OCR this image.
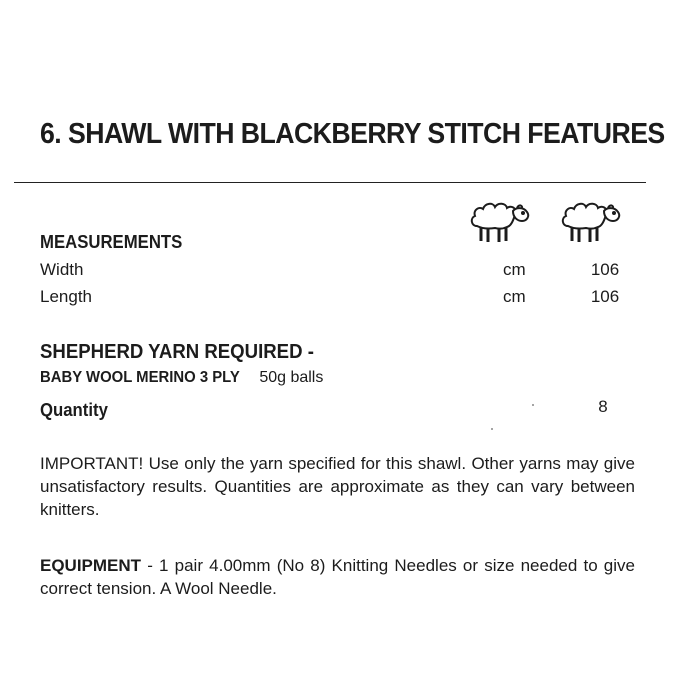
6. SHAWL WITH BLACKBERRY STITCH FEATURES
MEASUREMENTS
Width	cm	106
Length	cm	106
SHEPHERD YARN REQUIRED -
BABY WOOL MERINO 3 PLY 50g balls
Quantity	8
IMPORTANT! Use only the yarn specified for this shawl. Other yarns may give unsatisfactory results. Quantities are approximate as they can vary between knitters.
EQUIPMENT - 1 pair 4.00mm (No 8) Knitting Needles or size needed to give correct tension. A Wool Needle.
